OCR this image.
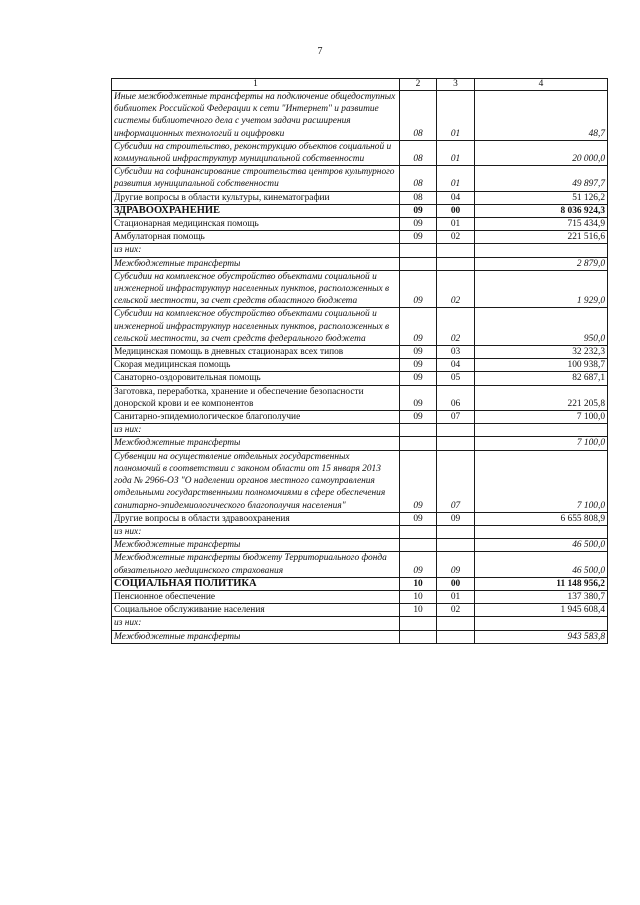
7
1	2	3	4
Иные межбюджетные трансферты на подключение общедоступных библиотек Российской Федерации к сети "Интернет" и развитие системы библиотечного дела с учетом задачи расширения информационных технологий и оцифровки	08	01	48,7
Субсидии на строительство, реконструкцию объектов социальной и коммунальной инфраструктур муниципальной собственности	08	01	20 000,0
Субсидии на софинансирование строительства центров культурного развития муниципальной собственности	08	01	49 897,7
Другие вопросы в области культуры, кинематографии	08	04	51 126,2
ЗДРАВООХРАНЕНИЕ	09	00	8 036 924,3
Стационарная медицинская помощь	09	01	715 434,9
Амбулаторная помощь	09	02	221 516,6
из них:			
Межбюджетные трансферты			2 879,0
Субсидии на комплексное обустройство объектами социальной и инженерной инфраструктур населенных пунктов, расположенных в сельской местности, за счет средств областного бюджета	09	02	1 929,0
Субсидии на комплексное обустройство объектами социальной и инженерной инфраструктур населенных пунктов, расположенных в сельской местности, за счет средств федерального бюджета	09	02	950,0
Медицинская помощь в дневных стационарах всех типов	09	03	32 232,3
Скорая медицинская помощь	09	04	100 938,7
Санаторно-оздоровительная помощь	09	05	82 687,1
Заготовка, переработка, хранение и обеспечение безопасности донорской крови и ее компонентов	09	06	221 205,8
Санитарно-эпидемиологическое благополучие	09	07	7 100,0
из них:			
Межбюджетные трансферты			7 100,0
Субвенции на осуществление отдельных государственных полномочий в соответствии с законом области от 15 января 2013 года № 2966-ОЗ "О наделении органов местного самоуправления отдельными государственными полномочиями в сфере обеспечения санитарно-эпидемиологического благополучия населения"	09	07	7 100,0
Другие вопросы в области здравоохранения	09	09	6 655 808,9
из них:			
Межбюджетные трансферты			46 500,0
Межбюджетные трансферты бюджету Территориального фонда обязательного медицинского страхования	09	09	46 500,0
СОЦИАЛЬНАЯ ПОЛИТИКА	10	00	11 148 956,2
Пенсионное обеспечение	10	01	137 380,7
Социальное обслуживание населения	10	02	1 945 608,4
из них:			
Межбюджетные трансферты			943 583,8
